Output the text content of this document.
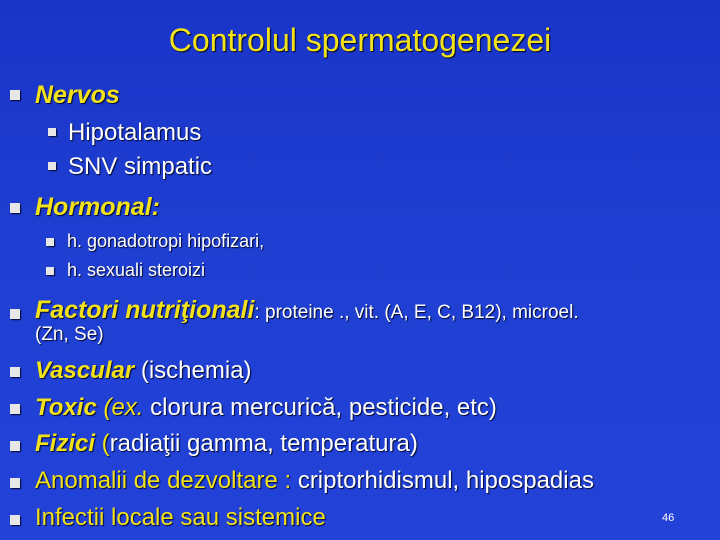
Controlul spermatogenezei
Nervos
Hipotalamus
SNV simpatic
Hormonal:
h. gonadotropi hipofizari,
h. sexuali steroizi
Factori nutriţionali: proteine ., vit. (A, E, C, B12), microel.
(Zn, Se)
Vascular (ischemia)
Toxic (ex. clorura mercurică, pesticide, etc)
Fizici (radiaţii gamma, temperatura)
Anomalii de dezvoltare : criptorhidismul, hipospadias
Infectii locale sau sistemice	46
